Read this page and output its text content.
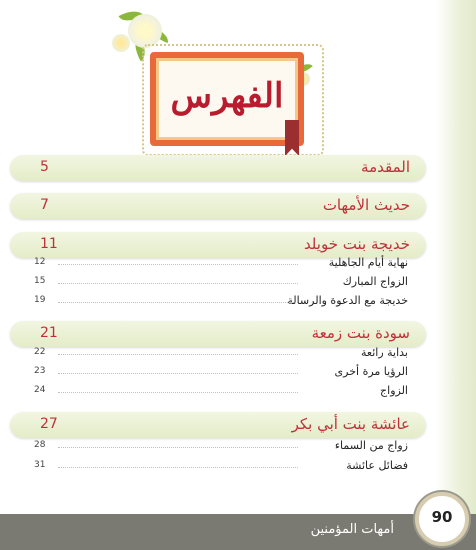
الفهرس
المقدمة
5
حديث الأمهات
7
خديجة بنت خويلد
11
نهاية أيام الجاهلية
12
الزواج المبارك
15
خديجة مع الدعوة والرسالة
19
سودة بنت زمعة
21
بداية رائعة
22
الرؤيا مرة أخرى
23
الزواج
24
عائشة بنت أبي بكر
27
زواج من السماء
28
فضائل عائشة
31
أمهات المؤمنين
90
